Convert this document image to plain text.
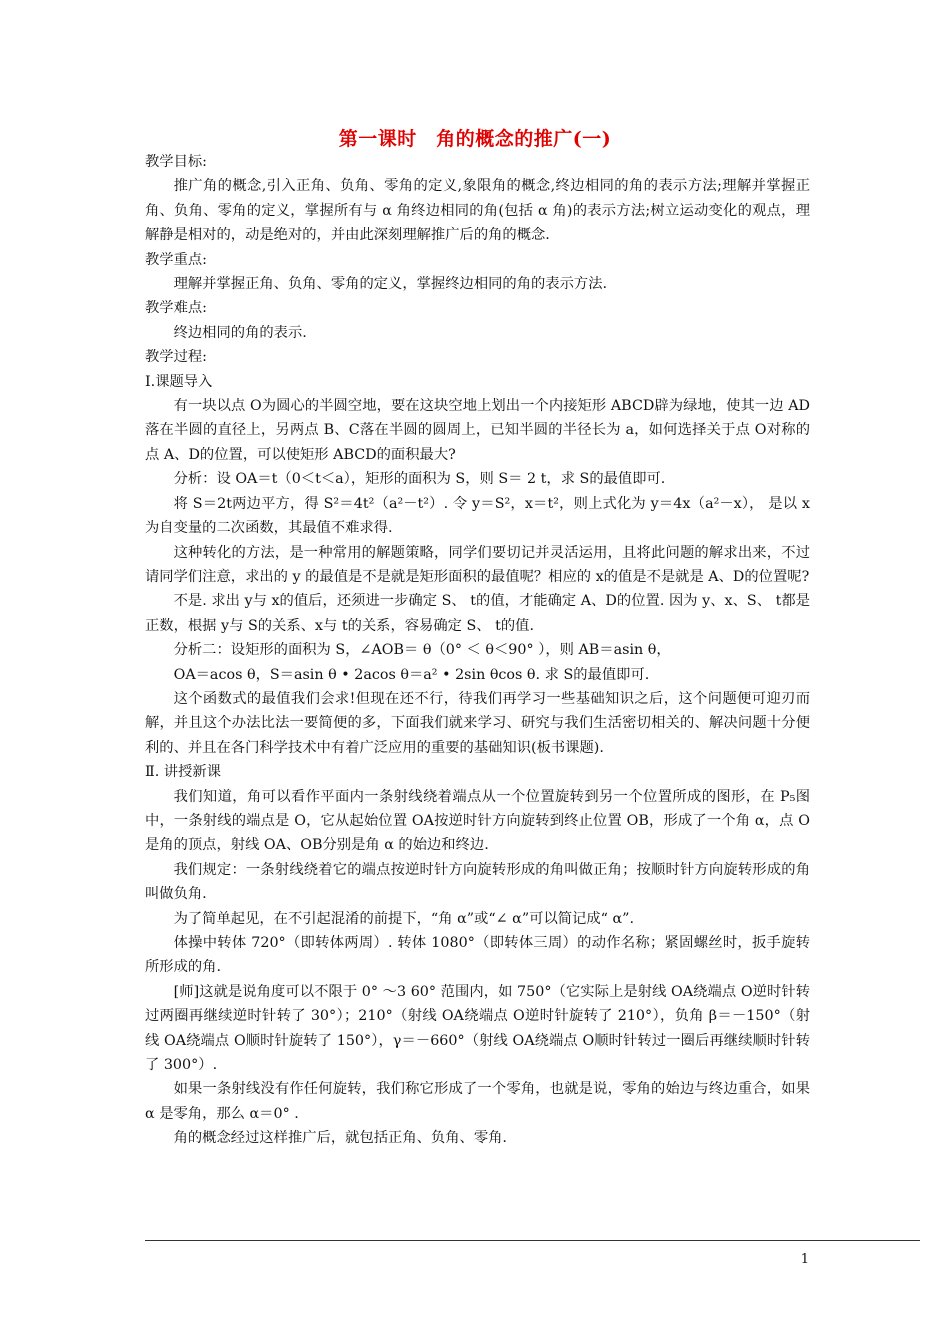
第一课时　角的概念的推广(一)

教学目标:

推广角的概念,引入正角、负角、零角的定义,象限角的概念,终边相同的角的表示方法;理解并掌握正角、负角、零角的定义，掌握所有与 α 角终边相同的角(包括 α 角)的表示方法;树立运动变化的观点，理解静是相对的，动是绝对的，并由此深刻理解推广后的角的概念.

教学重点:

理解并掌握正角、负角、零角的定义，掌握终边相同的角的表示方法.

教学难点:

终边相同的角的表示.

教学过程:

Ⅰ.课题导入

有一块以点 O为圆心的半圆空地，要在这块空地上划出一个内接矩形 ABCD辟为绿地，使其一边 AD落在半圆的直径上，另两点 B、C落在半圆的圆周上，已知半圆的半径长为 a，如何选择关于点 O对称的点 A、D的位置，可以使矩形 ABCD的面积最大?

分析：设 OA＝t（0＜t＜a），矩形的面积为 S，则 S＝ 2 t，求 S的最值即可.

将 S＝2t两边平方，得 S²＝4t²（a²－t²）. 令 y＝S²，x＝t²，则上式化为 y＝4x（a²－x）， 是以 x为自变量的二次函数，其最值不难求得.

这种转化的方法，是一种常用的解题策略，同学们要切记并灵活运用，且将此问题的解求出来，不过请同学们注意，求出的 y 的最值是不是就是矩形面积的最值呢？相应的 x的值是不是就是 A、D的位置呢?

不是. 求出 y与 x的值后，还须进一步确定 S、 t的值，才能确定 A、D的位置. 因为 y、x、S、 t都是正数，根据 y与 S的关系、x与 t的关系，容易确定 S、 t的值.

分析二：设矩形的面积为 S，∠AOB＝ θ（0° ＜ θ＜90° ），则 AB＝asin θ，

OA＝acos θ，S＝asin θ • 2acos θ＝a² • 2sin θcos θ. 求 S的最值即可.

这个函数式的最值我们会求!但现在还不行，待我们再学习一些基础知识之后，这个问题便可迎刃而解，并且这个办法比法一要简便的多，下面我们就来学习、研究与我们生活密切相关的、解决问题十分便利的、并且在各门科学技术中有着广泛应用的重要的基础知识(板书课题).

Ⅱ. 讲授新课

我们知道，角可以看作平面内一条射线绕着端点从一个位置旋转到另一个位置所成的图形，在 P₅图中，一条射线的端点是 O，它从起始位置 OA按逆时针方向旋转到终止位置 OB，形成了一个角 α，点 O是角的顶点，射线 OA、OB分别是角 α 的始边和终边.

我们规定：一条射线绕着它的端点按逆时针方向旋转形成的角叫做正角；按顺时针方向旋转形成的角叫做负角.

为了简单起见，在不引起混淆的前提下，“角 α”或“∠ α”可以简记成“ α”.

体操中转体 720°（即转体两周）. 转体 1080°（即转体三周）的动作名称；紧固螺丝时，扳手旋转所形成的角.

[师]这就是说角度可以不限于 0° ～3 60° 范围内，如 750°（它实际上是射线 OA绕端点 O逆时针转过两圈再继续逆时针转了 30°）；210°（射线 OA绕端点 O逆时针旋转了 210°），负角 β＝－150°（射线 OA绕端点 O顺时针旋转了 150°），γ＝－660°（射线 OA绕端点 O顺时针转过一圈后再继续顺时针转了 300°）.

如果一条射线没有作任何旋转，我们称它形成了一个零角，也就是说，零角的始边与终边重合，如果 α 是零角，那么 α＝0° .

角的概念经过这样推广后，就包括正角、负角、零角.

1
